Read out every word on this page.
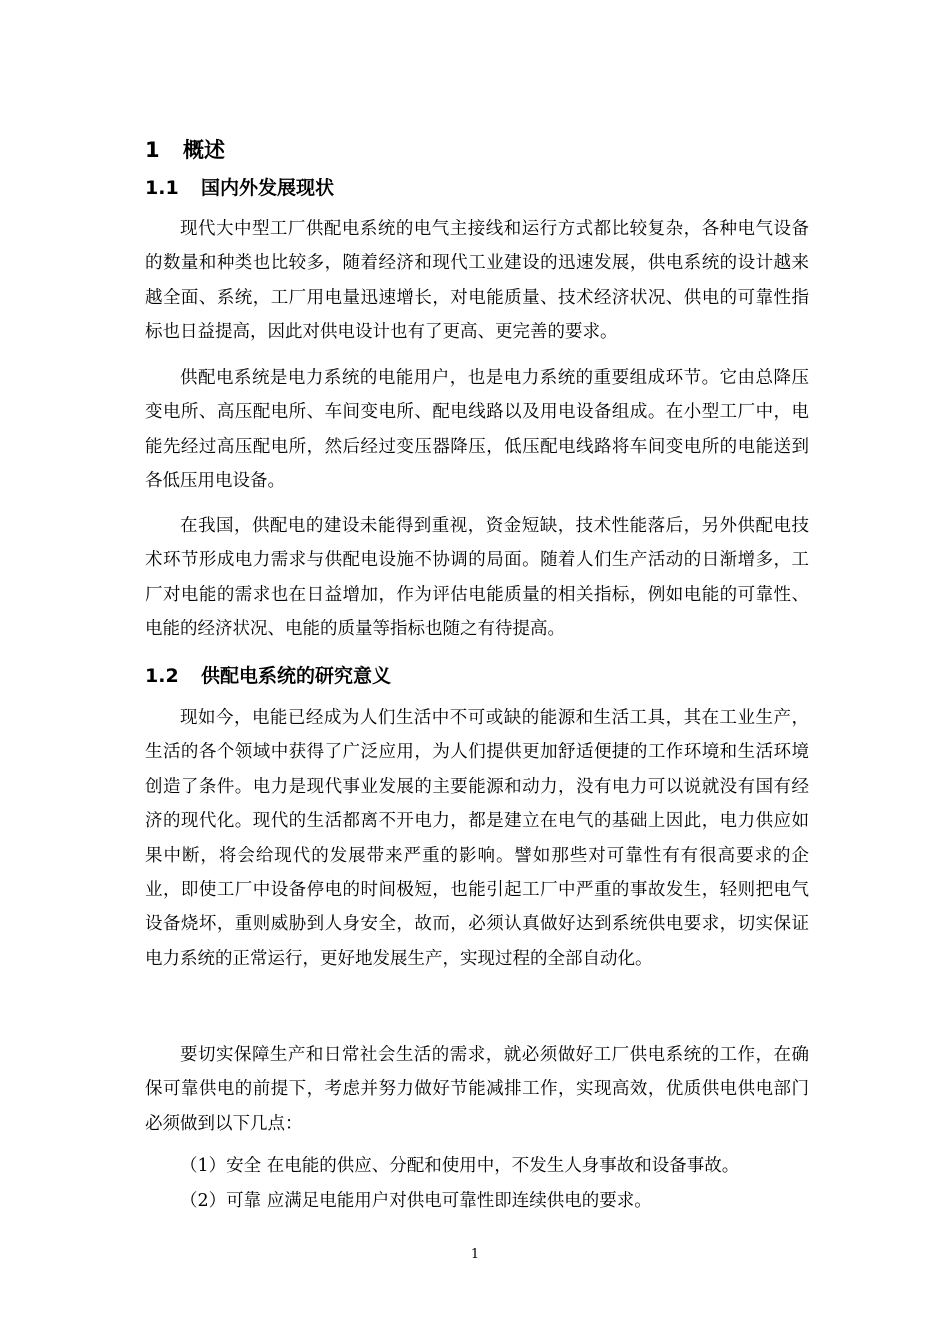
1 概述
1.1 国内外发展现状

现代大中型工厂供配电系统的电气主接线和运行方式都比较复杂，各种电气设备的数量和种类也比较多，随着经济和现代工业建设的迅速发展，供电系统的设计越来越全面、系统，工厂用电量迅速增长，对电能质量、技术经济状况、供电的可靠性指标也日益提高，因此对供电设计也有了更高、更完善的要求。

供配电系统是电力系统的电能用户，也是电力系统的重要组成环节。它由总降压变电所、高压配电所、车间变电所、配电线路以及用电设备组成。在小型工厂中，电能先经过高压配电所，然后经过变压器降压，低压配电线路将车间变电所的电能送到各低压用电设备。

在我国，供配电的建设未能得到重视，资金短缺，技术性能落后，另外供配电技术环节形成电力需求与供配电设施不协调的局面。随着人们生产活动的日渐增多，工厂对电能的需求也在日益增加，作为评估电能质量的相关指标，例如电能的可靠性、电能的经济状况、电能的质量等指标也随之有待提高。

1.2 供配电系统的研究意义

现如今，电能已经成为人们生活中不可或缺的能源和生活工具，其在工业生产，生活的各个领域中获得了广泛应用，为人们提供更加舒适便捷的工作环境和生活环境创造了条件。电力是现代事业发展的主要能源和动力，没有电力可以说就没有国有经济的现代化。现代的生活都离不开电力，都是建立在电气的基础上因此，电力供应如果中断，将会给现代的发展带来严重的影响。譬如那些对可靠性有有很高要求的企业，即使工厂中设备停电的时间极短，也能引起工厂中严重的事故发生，轻则把电气设备烧坏，重则威胁到人身安全，故而，必须认真做好达到系统供电要求，切实保证电力系统的正常运行，更好地发展生产，实现过程的全部自动化。

要切实保障生产和日常社会生活的需求，就必须做好工厂供电系统的工作，在确保可靠供电的前提下，考虑并努力做好节能减排工作，实现高效，优质供电供电部门必须做到以下几点：

（1）安全 在电能的供应、分配和使用中，不发生人身事故和设备事故。

（2）可靠 应满足电能用户对供电可靠性即连续供电的要求。

1
